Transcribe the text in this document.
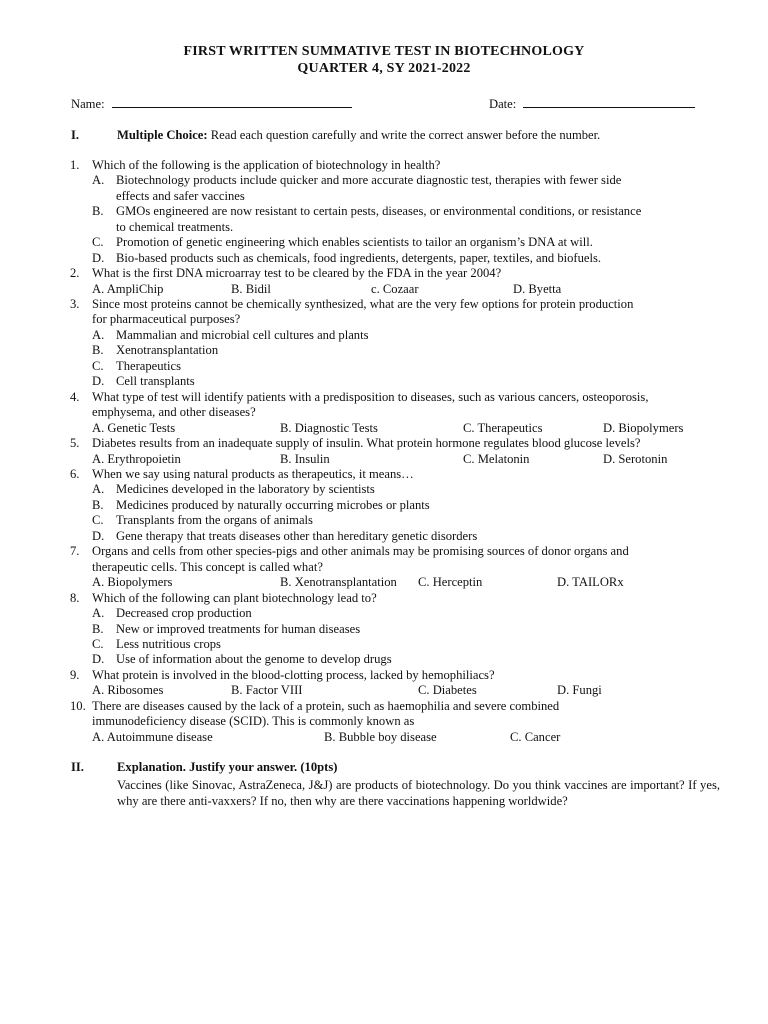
FIRST WRITTEN SUMMATIVE TEST IN BIOTECHNOLOGY
QUARTER 4, SY 2021-2022
Name:	Date:
I.	Multiple Choice: Read each question carefully and write the correct answer before the number.
1. Which of the following is the application of biotechnology in health?
A. Biotechnology products include quicker and more accurate diagnostic test, therapies with fewer side
effects and safer vaccines
B. GMOs engineered are now resistant to certain pests, diseases, or environmental conditions, or resistance
to chemical treatments.
C. Promotion of genetic engineering which enables scientists to tailor an organism’s DNA at will.
D. Bio-based products such as chemicals, food ingredients, detergents, paper, textiles, and biofuels.
2. What is the first DNA microarray test to be cleared by the FDA in the year 2004?
A. AmpliChip	B. Bidil	c. Cozaar	D. Byetta
3. Since most proteins cannot be chemically synthesized, what are the very few options for protein production
for pharmaceutical purposes?
A. Mammalian and microbial cell cultures and plants
B. Xenotransplantation
C. Therapeutics
D. Cell transplants
4. What type of test will identify patients with a predisposition to diseases, such as various cancers, osteoporosis,
emphysema, and other diseases?
A. Genetic Tests	B. Diagnostic Tests	C. Therapeutics	D. Biopolymers
5. Diabetes results from an inadequate supply of insulin. What protein hormone regulates blood glucose levels?
A. Erythropoietin	B. Insulin	C. Melatonin	D. Serotonin
6. When we say using natural products as therapeutics, it means…
A. Medicines developed in the laboratory by scientists
B. Medicines produced by naturally occurring microbes or plants
C. Transplants from the organs of animals
D. Gene therapy that treats diseases other than hereditary genetic disorders
7. Organs and cells from other species-pigs and other animals may be promising sources of donor organs and
therapeutic cells. This concept is called what?
A. Biopolymers	B. Xenotransplantation C. Herceptin	D. TAILORx
8. Which of the following can plant biotechnology lead to?
A. Decreased crop production
B. New or improved treatments for human diseases
C. Less nutritious crops
D. Use of information about the genome to develop drugs
9. What protein is involved in the blood-clotting process, lacked by hemophiliacs?
A. Ribosomes	B. Factor VIII	C. Diabetes	D. Fungi
10. There are diseases caused by the lack of a protein, such as haemophilia and severe combined
immunodeficiency disease (SCID). This is commonly known as
A. Autoimmune disease	B. Bubble boy disease	C. Cancer
II.	Explanation. Justify your answer. (10pts)
Vaccines (like Sinovac, AstraZeneca, J&J) are products of biotechnology. Do you think vaccines are important? If yes, why are there anti-vaxxers? If no, then why are there vaccinations happening worldwide?
